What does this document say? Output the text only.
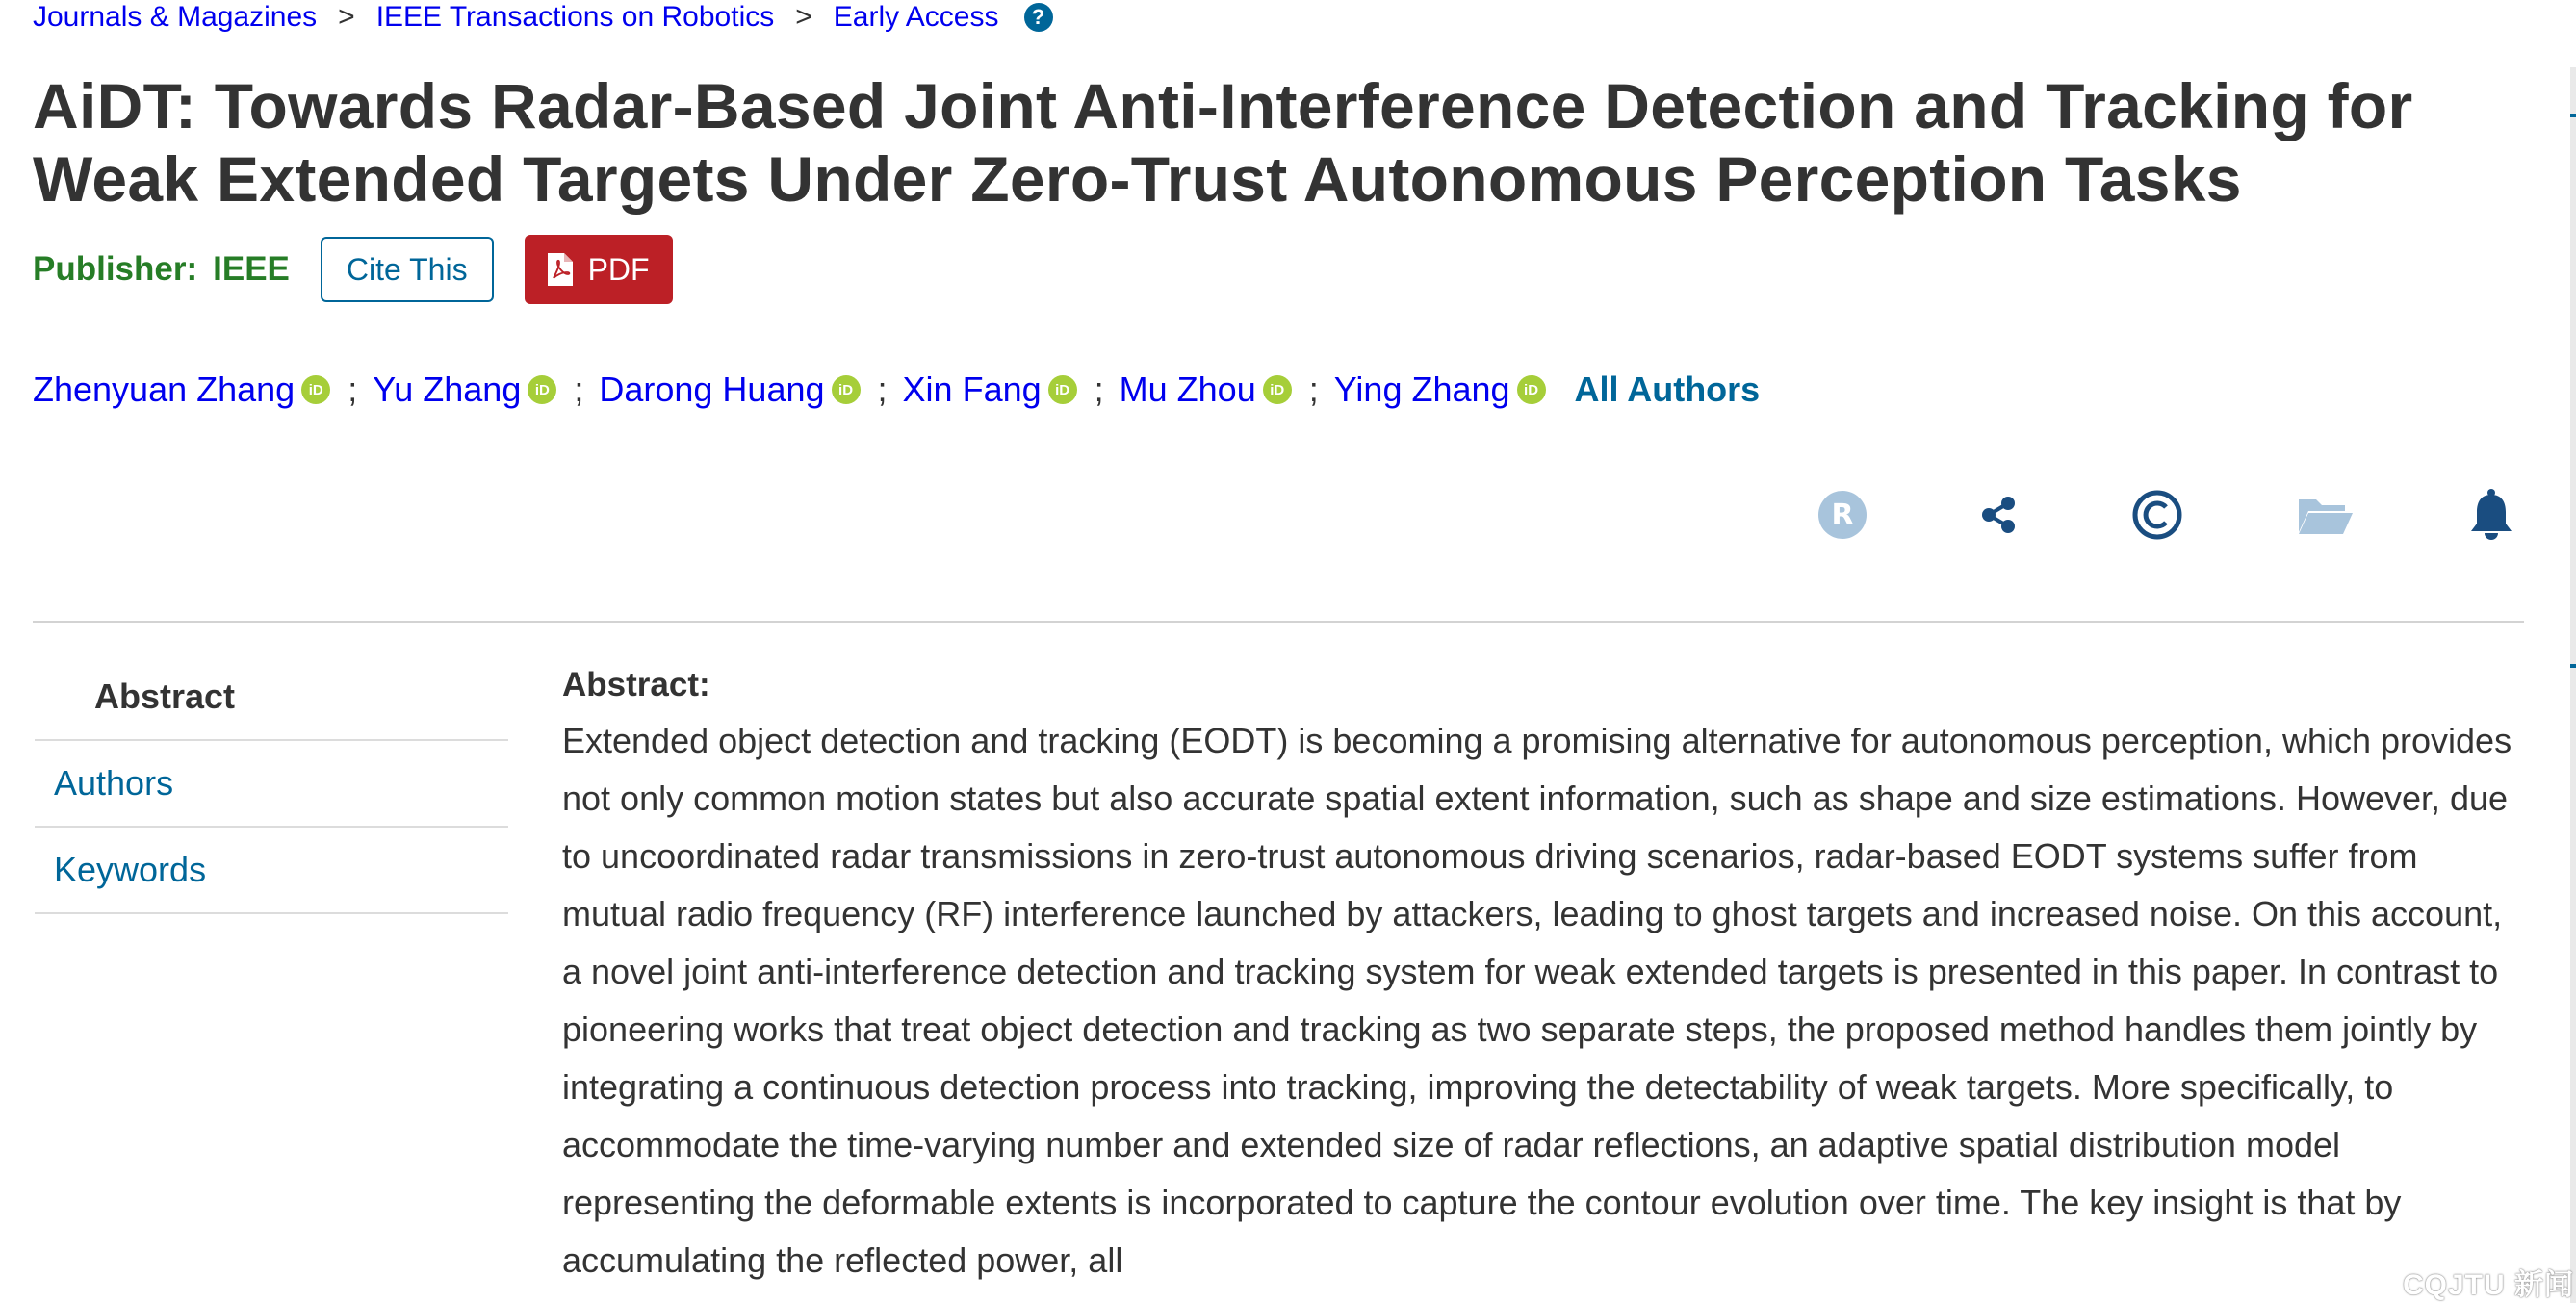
Journals & Magazines > IEEE Transactions on Robotics > Early Access	?
AiDT: Towards Radar-Based Joint Anti-Interference Detection and Tracking for Weak Extended Targets Under Zero-Trust Autonomous Perception Tasks
Publisher: IEEE	Cite This	PDF
Zhenyuan Zhang iD ; Yu Zhang iD ; Darong Huang iD ; Xin Fang iD ; Mu Zhou iD ; Ying Zhang iD All Authors
R
Abstract
Authors
Keywords
Abstract:

Extended object detection and tracking (EODT) is becoming a promising alternative for autonomous perception, which provides not only common motion states but also accurate spatial extent information, such as shape and size estimations. However, due to uncoordinated radar transmissions in zero-trust autonomous driving scenarios, radar-based EODT systems suffer from mutual radio frequency (RF) interference launched by attackers, leading to ghost targets and increased noise. On this account, a novel joint anti-interference detection and tracking system for weak extended targets is presented in this paper. In contrast to pioneering works that treat object detection and tracking as two separate steps, the proposed method handles them jointly by integrating a continuous detection process into tracking, improving the detectability of weak targets. More specifically, to accommodate the time-varying number and extended size of radar reflections, an adaptive spatial distribution model representing the deformable extents is incorporated to capture the contour evolution over time. The key insight is that by accumulating the reflected power, all

CQJTU 新闻
